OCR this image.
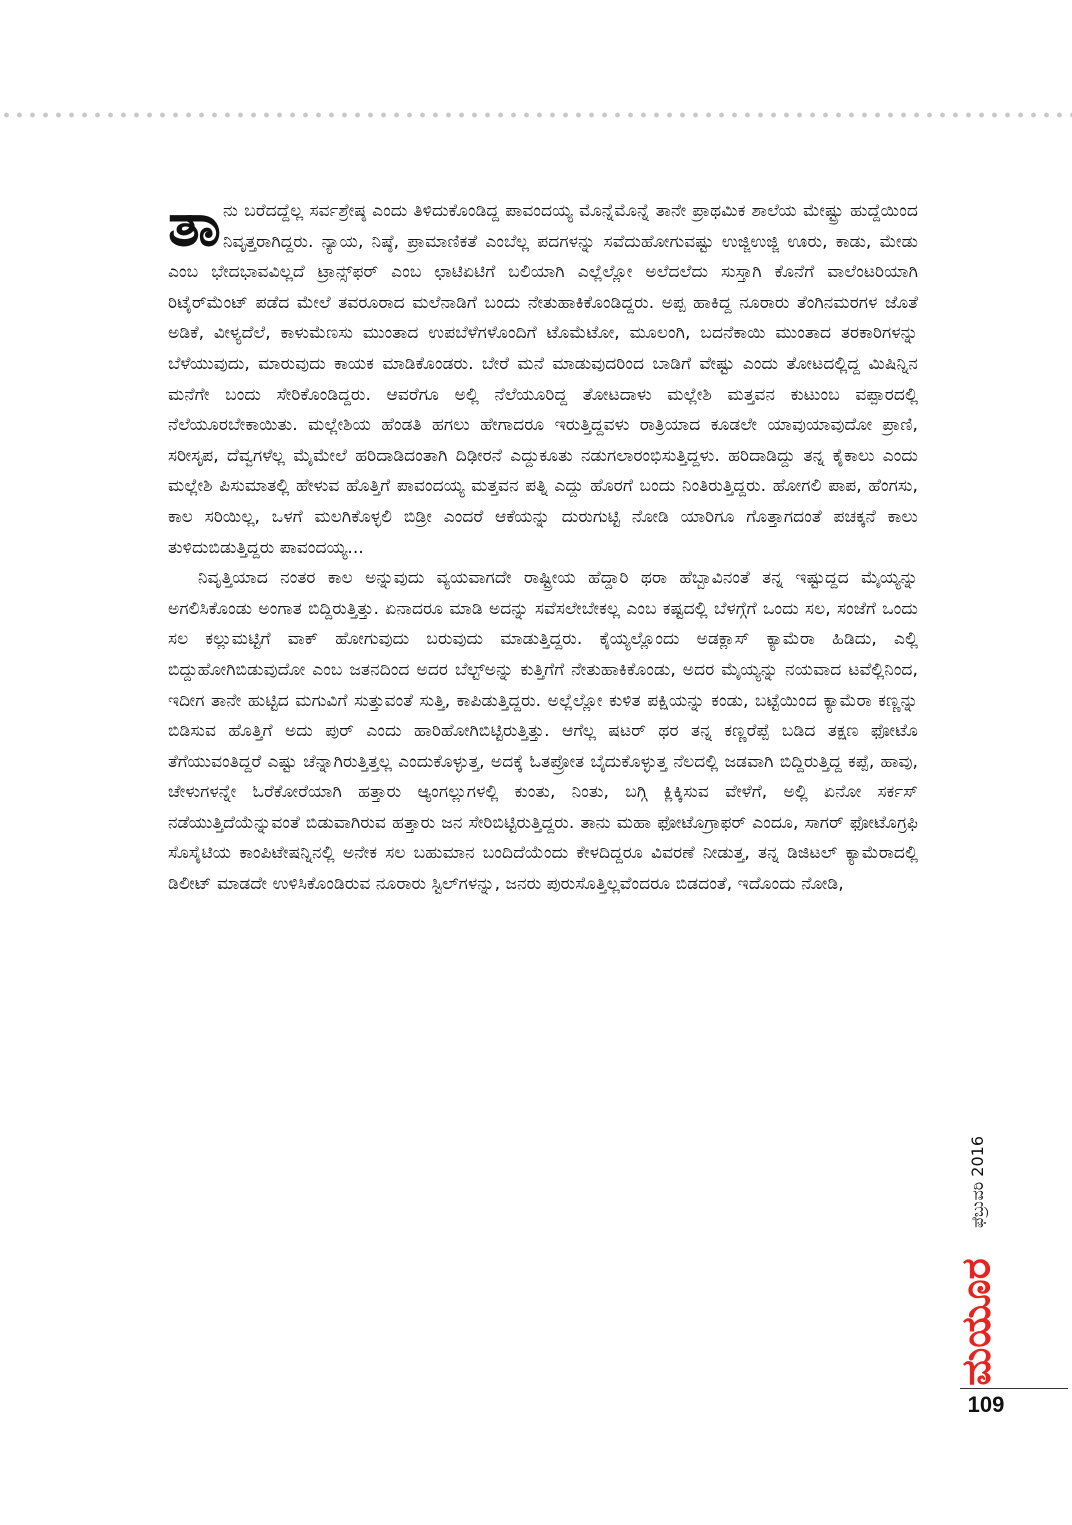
ತಾನು ಬರೆದದ್ದೆಲ್ಲ ಸರ್ವಶ್ರೇಷ್ಠ ಎಂದು ತಿಳಿದುಕೊಂಡಿದ್ದ ಪಾವಂದಯ್ಯ ಮೊನ್ನೆಮೊನ್ನೆ ತಾನೇ ಪ್ರಾಥಮಿಕ ಶಾಲೆಯ ಮೇಷ್ಟ್ರು ಹುದ್ದೆಯಿಂದ ನಿವೃತ್ತರಾಗಿದ್ದರು. ನ್ಯಾಯ, ನಿಷ್ಠೆ, ಪ್ರಾಮಾಣಿಕತೆ ಎಂಬೆಲ್ಲ ಪದಗಳನ್ನು ಸವೆದುಹೋಗುವಷ್ಟು ಉಜ್ಜಿಉಜ್ಜಿ ಊರು, ಕಾಡು, ಮೇಡು ಎಂಬ ಭೇದಭಾವವಿಲ್ಲದೆ ಟ್ರಾನ್ಸ್‌ಫರ್ ಎಂಬ ಛಾಟಿಏಟಿಗೆ ಬಲಿಯಾಗಿ ಎಲ್ಲೆಲ್ಲೋ ಅಲೆದಲೆದು ಸುಸ್ತಾಗಿ ಕೊನೆಗೆ ವಾಲೆಂಟರಿಯಾಗಿ ರಿಟೈರ್‌ಮೆಂಟ್ ಪಡೆದ ಮೇಲೆ ತವರೂರಾದ ಮಲೆನಾಡಿಗೆ ಬಂದು ನೇತುಹಾಕಿಕೊಂಡಿದ್ದರು. ಅಪ್ಪ ಹಾಕಿದ್ದ ನೂರಾರು ತೆಂಗಿನಮರಗಳ ಜೊತೆ ಅಡಿಕೆ, ವೀಳ್ಯದೆಲೆ, ಕಾಳುಮೆಣಸು ಮುಂತಾದ ಉಪಬೆಳೆಗಳೊಂದಿಗೆ ಟೊಮೆಟೋ, ಮೂಲಂಗಿ, ಬದನೆಕಾಯಿ ಮುಂತಾದ ತರಕಾರಿಗಳನ್ನು ಬೆಳೆಯುವುದು, ಮಾರುವುದು ಕಾಯಕ ಮಾಡಿಕೊಂಡರು. ಬೇರೆ ಮನೆ ಮಾಡುವುದರಿಂದ ಬಾಡಿಗೆ ವೇಷ್ಟು ಎಂದು ತೋಟದಲ್ಲಿದ್ದ ಮಿಷಿನ್ನಿನ ಮನೆಗೇ ಬಂದು ಸೇರಿಕೊಂಡಿದ್ದರು. ಆವರೆಗೂ ಅಲ್ಲಿ ನೆಲೆಯೂರಿದ್ದ ತೋಟದಾಳು ಮಲ್ಲೇಶಿ ಮತ್ತವನ ಕುಟುಂಬ ವಪ್ಪಾರದಲ್ಲಿ ನೆಲೆಯೂರಬೇಕಾಯಿತು. ಮಲ್ಲೇಶಿಯ ಹೆಂಡತಿ ಹಗಲು ಹೇಗಾದರೂ ಇರುತ್ತಿದ್ದವಳು ರಾತ್ರಿಯಾದ ಕೂಡಲೇ ಯಾವುಯಾವುದೋ ಪ್ರಾಣಿ, ಸರೀಸೃಪ, ದೆವ್ವಗಳೆಲ್ಲ ಮೈಮೇಲೆ ಹರಿದಾಡಿದಂತಾಗಿ ದಿಢೀರನೆ ಎದ್ದುಕೂತು ನಡುಗಲಾರಂಭಿಸುತ್ತಿದ್ದಳು. ಹರಿದಾಡಿದ್ದು ತನ್ನ ಕೈಕಾಲು ಎಂದು ಮಲ್ಲೇಶಿ ಪಿಸುಮಾತಲ್ಲಿ ಹೇಳುವ ಹೊತ್ತಿಗೆ ಪಾವಂದಯ್ಯ ಮತ್ತವನ ಪತ್ನಿ ಎದ್ದು ಹೊರಗೆ ಬಂದು ನಿಂತಿರುತ್ತಿದ್ದರು. ಹೋಗಲಿ ಪಾಪ, ಹೆಂಗಸು, ಕಾಲ ಸರಿಯಿಲ್ಲ, ಒಳಗೆ ಮಲಗಿಕೊಳ್ಳಲಿ ಬಿಡ್ರೀ ಎಂದರೆ ಆಕೆಯನ್ನು ದುರುಗುಟ್ಟಿ ನೋಡಿ ಯಾರಿಗೂ ಗೊತ್ತಾಗದಂತೆ ಪಚಕ್ಕನೆ ಕಾಲು ತುಳಿದುಬಿಡುತ್ತಿದ್ದರು ಪಾವಂದಯ್ಯ...

ನಿವೃತ್ತಿಯಾದ ನಂತರ ಕಾಲ ಅನ್ನುವುದು ವ್ಯಯವಾಗದೇ ರಾಷ್ಟ್ರೀಯ ಹೆದ್ದಾರಿ ಥರಾ ಹೆಬ್ಬಾವಿನಂತೆ ತನ್ನ ಇಷ್ಟುದ್ದದ ಮೈಯ್ಯನ್ನು ಅಗಲಿಸಿಕೊಂಡು ಅಂಗಾತ ಬಿದ್ದಿರುತ್ತಿತ್ತು. ಏನಾದರೂ ಮಾಡಿ ಅದನ್ನು ಸವೆಸಲೇಬೇಕಲ್ಲ ಎಂಬ ಕಷ್ಟದಲ್ಲಿ ಬೆಳಗ್ಗೆಗೆ ಒಂದು ಸಲ, ಸಂಜೆಗೆ ಒಂದು ಸಲ ಕಲ್ಲುಮಟ್ಟಿಗೆ ವಾಕ್ ಹೋಗುವುದು ಬರುವುದು ಮಾಡುತ್ತಿದ್ದರು. ಕೈಯ್ಯಲ್ಲೊಂದು ಅಡಕ್ಲಾಸ್ ಕ್ಯಾಮೆರಾ ಹಿಡಿದು, ಎಲ್ಲಿ ಬಿದ್ದುಹೋಗಿಬಿಡುವುದೋ ಎಂಬ ಜತನದಿಂದ ಅದರ ಬೆಲ್ಟ್‌ಅನ್ನು ಕುತ್ತಿಗೆಗೆ ನೇತುಹಾಕಿಕೊಂಡು, ಅದರ ಮೈಯ್ಯನ್ನು ನಯವಾದ ಟವೆಲ್ಲಿನಿಂದ, ಇದೀಗ ತಾನೇ ಹುಟ್ಟಿದ ಮಗುವಿಗೆ ಸುತ್ತುವಂತೆ ಸುತ್ತಿ, ಕಾಪಿಡುತ್ತಿದ್ದರು. ಅಲ್ಲೆಲ್ಲೋ ಕುಳಿತ ಪಕ್ಷಿಯನ್ನು ಕಂಡು, ಬಟ್ಟೆಯಿಂದ ಕ್ಯಾಮೆರಾ ಕಣ್ಣನ್ನು ಬಿಡಿಸುವ ಹೊತ್ತಿಗೆ ಅದು ಪುರ್ ಎಂದು ಹಾರಿಹೋಗಿಬಿಟ್ಟಿರುತ್ತಿತ್ತು. ಆಗೆಲ್ಲ ಷಟರ್ ಥರ ತನ್ನ ಕಣ್ಣರೆಪ್ಪೆ ಬಡಿದ ತಕ್ಷಣ ಫೋಟೊ ತೆಗೆಯುವಂತಿದ್ದರೆ ಎಷ್ಟು ಚೆನ್ನಾಗಿರುತ್ತಿತ್ತಲ್ಲ ಎಂದುಕೊಳ್ಳುತ್ತ, ಅದಕ್ಕೆ ಓತಪ್ರೋತ ಬೈದುಕೊಳ್ಳುತ್ತ ನೆಲದಲ್ಲಿ ಜಡವಾಗಿ ಬಿದ್ದಿರುತ್ತಿದ್ದ ಕಪ್ಪೆ, ಹಾವು, ಚೇಳುಗಳನ್ನೇ ಓರೆಕೋರೆಯಾಗಿ ಹತ್ತಾರು ಆ್ಯಂಗಲ್ಲುಗಳಲ್ಲಿ ಕುಂತು, ನಿಂತು, ಬಗ್ಗಿ ಕ್ಲಿಕ್ಕಿಸುವ ವೇಳೆಗೆ, ಅಲ್ಲಿ ಏನೋ ಸರ್ಕಸ್ ನಡೆಯುತ್ತಿದೆಯೆನ್ನುವಂತೆ ಬಿಡುವಾಗಿರುವ ಹತ್ತಾರು ಜನ ಸೇರಿಬಿಟ್ಟಿರುತ್ತಿದ್ದರು. ತಾನು ಮಹಾ ಫೋಟೊಗ್ರಾಫರ್ ಎಂದೂ, ಸಾಗರ್ ಫೋಟೊಗ್ರಫಿ ಸೊಸೈಟಿಯ ಕಾಂಪಿಟೇಷನ್ನಿನಲ್ಲಿ ಅನೇಕ ಸಲ ಬಹುಮಾನ ಬಂದಿದೆಯೆಂದು ಕೇಳದಿದ್ದರೂ ವಿವರಣೆ ನೀಡುತ್ತ, ತನ್ನ ಡಿಜಿಟಲ್ ಕ್ಯಾಮೆರಾದಲ್ಲಿ ಡಿಲೀಟ್ ಮಾಡದೇ ಉಳಿಸಿಕೊಂಡಿರುವ ನೂರಾರು ಸ್ಟಿಲ್‌ಗಳನ್ನು, ಜನರು ಪುರುಸೊತ್ತಿಲ್ಲವೆಂದರೂ ಬಿಡದಂತೆ, ಇದೊಂದು ನೋಡಿ,

ಫೆಬ್ರುವರಿ 2016
ಮಯೂರ
109
